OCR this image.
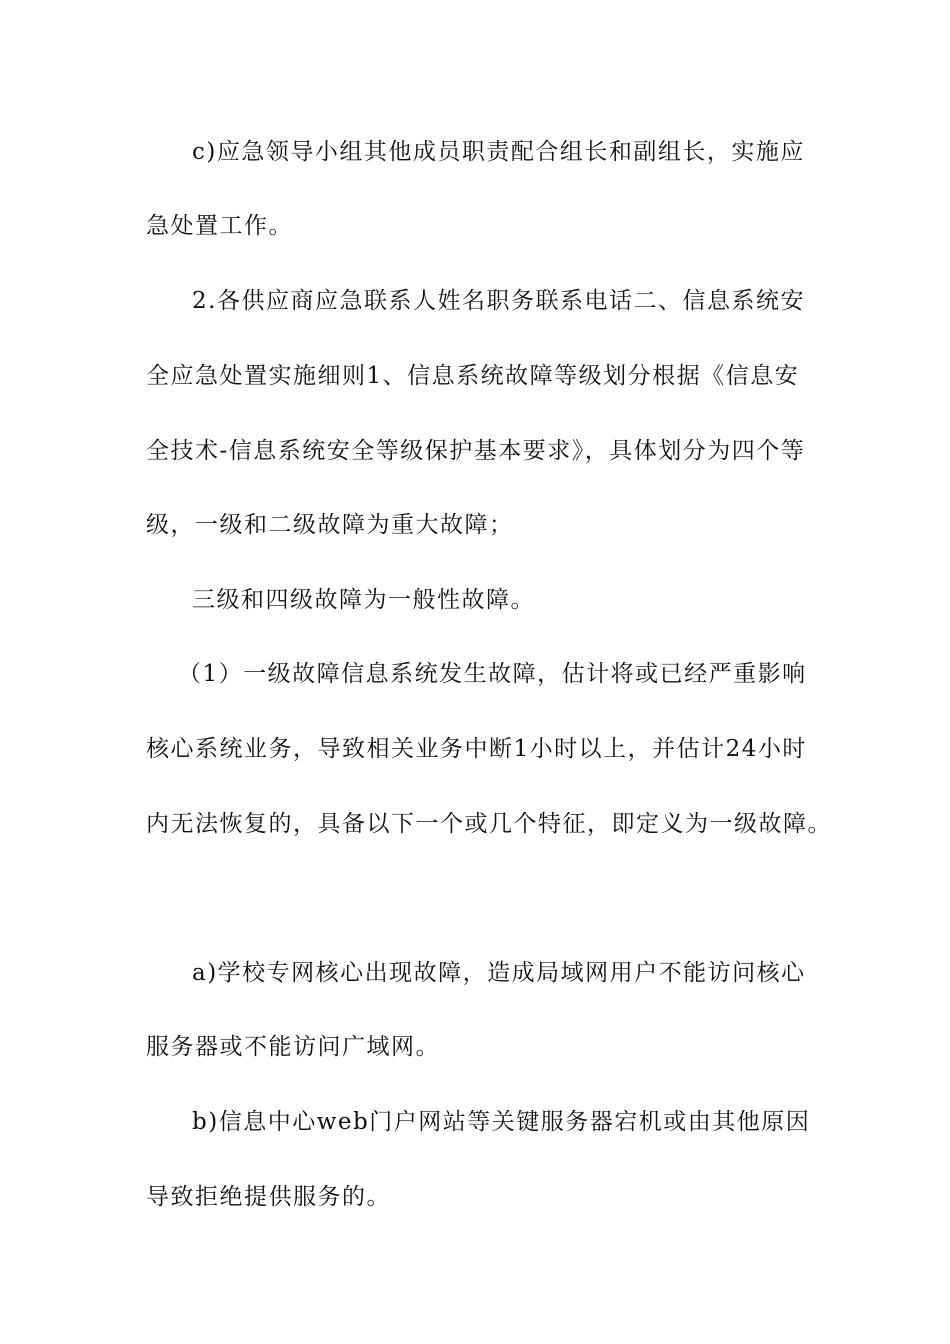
c)应急领导小组其他成员职责配合组长和副组长，实施应
急处置工作。
2.各供应商应急联系人姓名职务联系电话二、信息系统安
全应急处置实施细则1、信息系统故障等级划分根据《信息安
全技术-信息系统安全等级保护基本要求》，具体划分为四个等
级，一级和二级故障为重大故障；
三级和四级故障为一般性故障。
（1）一级故障信息系统发生故障，估计将或已经严重影响
核心系统业务，导致相关业务中断1小时以上，并估计24小时
内无法恢复的，具备以下一个或几个特征，即定义为一级故障。
a)学校专网核心出现故障，造成局域网用户不能访问核心
服务器或不能访问广域网。
b)信息中心web门户网站等关键服务器宕机或由其他原因
导致拒绝提供服务的。
